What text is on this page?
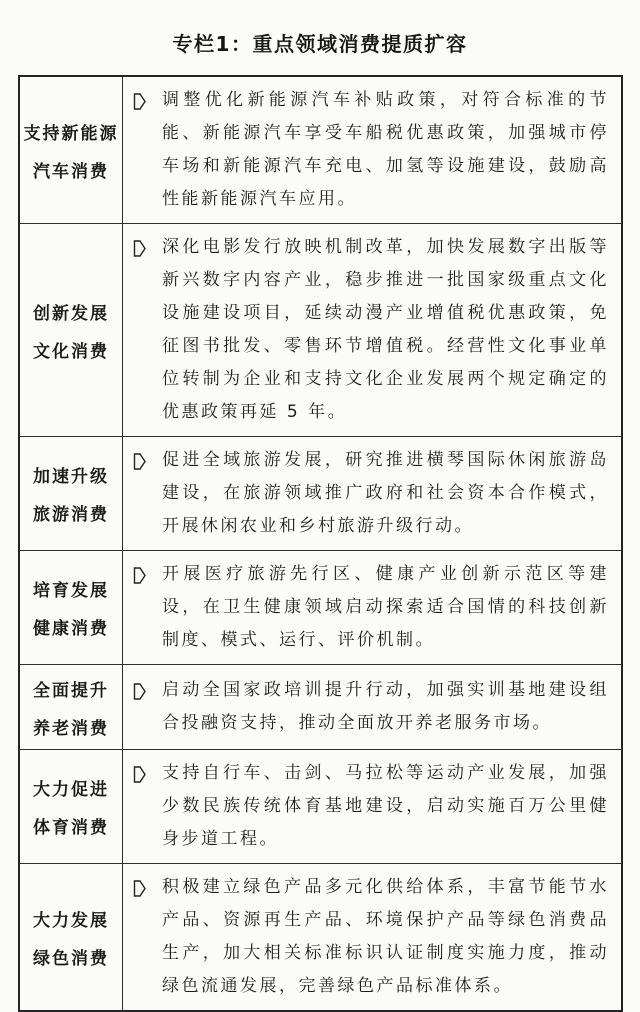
专栏1：重点领域消费提质扩容
支持新能源
汽车消费
调整优化新能源汽车补贴政策，对符合标准的节能、新能源汽车享受车船税优惠政策，加强城市停车场和新能源汽车充电、加氢等设施建设，鼓励高性能新能源汽车应用。
创新发展
文化消费
深化电影发行放映机制改革，加快发展数字出版等新兴数字内容产业，稳步推进一批国家级重点文化设施建设项目，延续动漫产业增值税优惠政策，免征图书批发、零售环节增值税。经营性文化事业单位转制为企业和支持文化企业发展两个规定确定的优惠政策再延 5 年。
加速升级
旅游消费
促进全域旅游发展，研究推进横琴国际休闲旅游岛建设，在旅游领域推广政府和社会资本合作模式，开展休闲农业和乡村旅游升级行动。
培育发展
健康消费
开展医疗旅游先行区、健康产业创新示范区等建设，在卫生健康领域启动探索适合国情的科技创新制度、模式、运行、评价机制。
全面提升
养老消费
启动全国家政培训提升行动，加强实训基地建设组合投融资支持，推动全面放开养老服务市场。
大力促进
体育消费
支持自行车、击剑、马拉松等运动产业发展，加强少数民族传统体育基地建设，启动实施百万公里健身步道工程。
大力发展
绿色消费
积极建立绿色产品多元化供给体系，丰富节能节水产品、资源再生产品、环境保护产品等绿色消费品生产，加大相关标准标识认证制度实施力度，推动绿色流通发展，完善绿色产品标准体系。
